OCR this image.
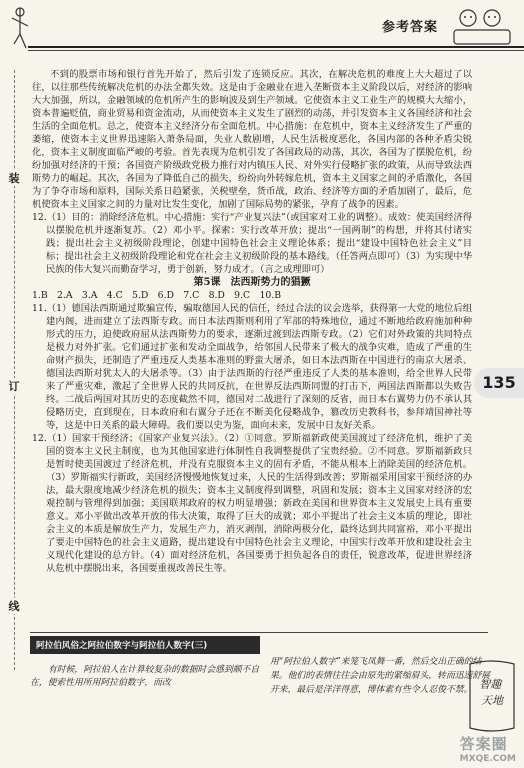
参考答案
装
订
线
135

不到的股票市场和银行首先开始了，然后引发了连锁反应。其次，在解决危机的难度上大大超过了以往，以往那些传统解决危机的办法全都失效。这是由于金融业在进入垄断资本主义阶段以后，对经济的影响大大加强，所以，金融领域的危机所产生的影响波及到生产领域。它使资本主义工业生产的规模大大缩小，资本普遍贬值，商业贸易和资金流动，从而使资本主义发生了剧烈的动荡，并引发资本主义各国经济和社会生活的全面危机。总之，使资本主义经济分布全面危机。中心措施：在危机中，资本主义经济发生了严重的萎缩，使资本主义世界迅速陷入萧条局面，失业人数剧增，人民生活极度恶化，各国内部的各种矛盾尖锐化，资本主义制度面临严峻的考验。首先表现为危机引发了各国政局的动荡，其次，各国为了摆脱危机，纷纷加强对经济的干预；各国资产阶级政党极力推行对内镇压人民、对外实行侵略扩张的政策，从而导致法西斯势力的崛起。其次，各国为了降低自己的损失，纷纷向外转嫁危机，资本主义国家之间的矛盾激化，各国为了争夺市场和原料，国际关系日趋紧张，关税壁垒，货币战，政治、经济等方面的矛盾加剧了，最后，危机使资本主义国家之间的力量对比发生变化，加剧了国际局势的紧张，孕育了战争的因素。

12.（1）目的：消除经济危机。中心措施：实行“产业复兴法”（或国家对工业的调整）。成效：使美国经济得以摆脱危机并逐渐复苏。（2）邓小平。探索：实行改革开放；提出“一国两制”的构想，并将其付诸实践；提出社会主义初级阶段理论，创建中国特色社会主义理论体系；提出“建设中国特色社会主义”目标；提出社会主义初级阶段理论和党在社会主义初级阶段的基本路线。（任答两点即可）（3）为实现中华民族的伟大复兴而勤奋学习，勇于创新，努力成才。（言之成理即可）

第5课　法西斯势力的猖獗

1.B　2.A　3.A　4.C　5.D　6.D　7.C　8.D　9.C　10.B

11.（1）德国法西斯通过欺骗宣传，骗取德国人民的信任，经过合法的议会选举，获得第一大党的地位后组建内阁，进而建立了法西斯专政。而日本法西斯则利用了军部的特殊地位，通过不断地给政府施加种种形式的压力，迫使政府屈从法西斯势力的要求，逐渐过渡到法西斯专政。（2）它们对外政策的共同特点是极力对外扩张。它们通过扩张和发动全面战争，给邻国人民带来了极大的战争灾难，造成了严重的生命财产损失，还制造了严重违反人类基本准则的野蛮大屠杀，如日本法西斯在中国进行的南京大屠杀、德国法西斯对犹太人的大屠杀等。（3）由于法西斯的行径严重违反了人类的基本准则，给全世界人民带来了严重灾难，激起了全世界人民的共同反抗，在世界反法西斯同盟的打击下，两国法西斯都以失败告终。二战后两国对其历史的态度截然不同，德国对二战进行了深刻的反省，而日本右翼势力仍不承认其侵略历史，直到现在，日本政府和右翼分子还在不断美化侵略战争，篡改历史教科书，参拜靖国神社等等，这是中日关系的最大障碍。我们要以史为鉴，面向未来，发展中日友好关系。

12.（1）国家干预经济；《国家产业复兴法》。（2）①同意。罗斯福新政使美国渡过了经济危机，维护了美国的资本主义民主制度，也为其他国家进行体制性自我调整提供了宝贵经验。②不同意。罗斯福新政只是暂时使美国渡过了经济危机，并没有克服资本主义的固有矛盾，不能从根本上消除美国的经济危机。（3）罗斯福实行新政，美国经济慢慢地恢复过来，人民的生活得到改善；罗斯福采用国家干预经济的办法，最大限度地减少经济危机的损失；资本主义制度得到调整，巩固和发展；资本主义国家对经济的宏观控制与管理得到加强；美国联邦政府的权力明显增强；新政在美国和世界资本主义发展史上具有重要意义。邓小平做出改革开放的伟大决策，取得了巨大的成就；邓小平提出了社会主义本质的理论，即社会主义的本质是解放生产力，发展生产力，消灭剥削，消除两极分化，最终达到共同富裕，邓小平提出了要走中国特色的社会主义道路，提出建设有中国特色社会主义理论，中国实行改革开放和建设社会主义现代化建设的总方针。（4）面对经济危机，各国要勇于担负起各自的责任，锐意改革，促进世界经济从危机中摆脱出来，各国要重视改善民生等。

阿拉伯风俗之阿拉伯数字与阿拉伯人数字(三)

有时候，阿拉伯人在计算较复杂的数据时会感到颇不自在，便索性用所用阿拉伯数字，而改

用“阿拉伯人数字”来笼飞凤舞一番，然后交出正确的结果。他们的表情往往会由原先的紧缩眉头，转而迅速舒展开来，最后是洋洋得意，博体素有些令人忍俊不禁。 智趣 天地
答案圈
MXQE.COM
